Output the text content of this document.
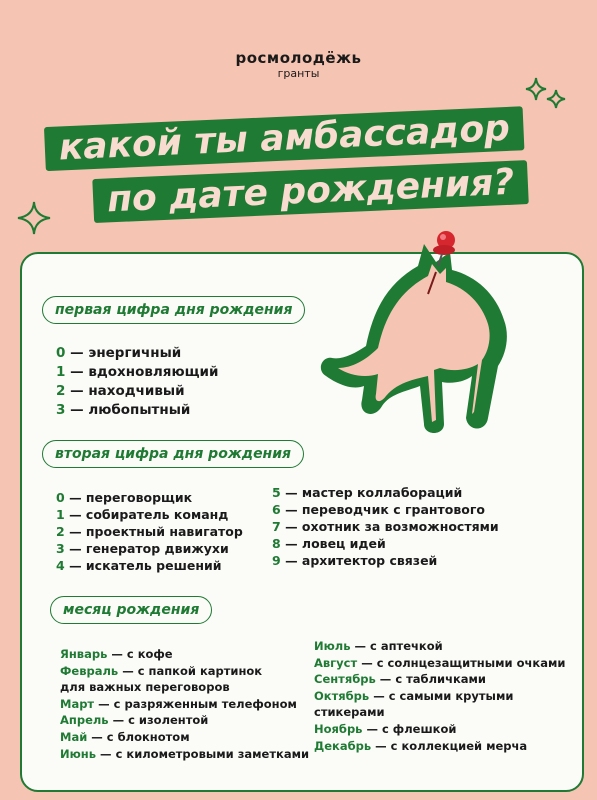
росмолодёжь
гранты
какой ты амбассадор
по дате рождения?
первая цифра дня рождения
0 — энергичный
1 — вдохновляющий
2 — находчивый
3 — любопытный
вторая цифра дня рождения
0 — переговорщик
1 — собиратель команд
2 — проектный навигатор
3 — генератор движухи
4 — искатель решений
5 — мастер коллабораций
6 — переводчик с грантового
7 — охотник за возможностями
8 — ловец идей
9 — архитектор связей
месяц рождения
Январь — с кофе
Февраль — с папкой картинок
для важных переговоров
Март — с разряженным телефоном
Апрель — с изолентой
Май — с блокнотом
Июнь — с километровыми заметками
Июль — с аптечкой
Август — с солнцезащитными очками
Сентябрь — с табличками
Октябрь — с самыми крутыми
стикерами
Ноябрь — с флешкой
Декабрь — с коллекцией мерча
